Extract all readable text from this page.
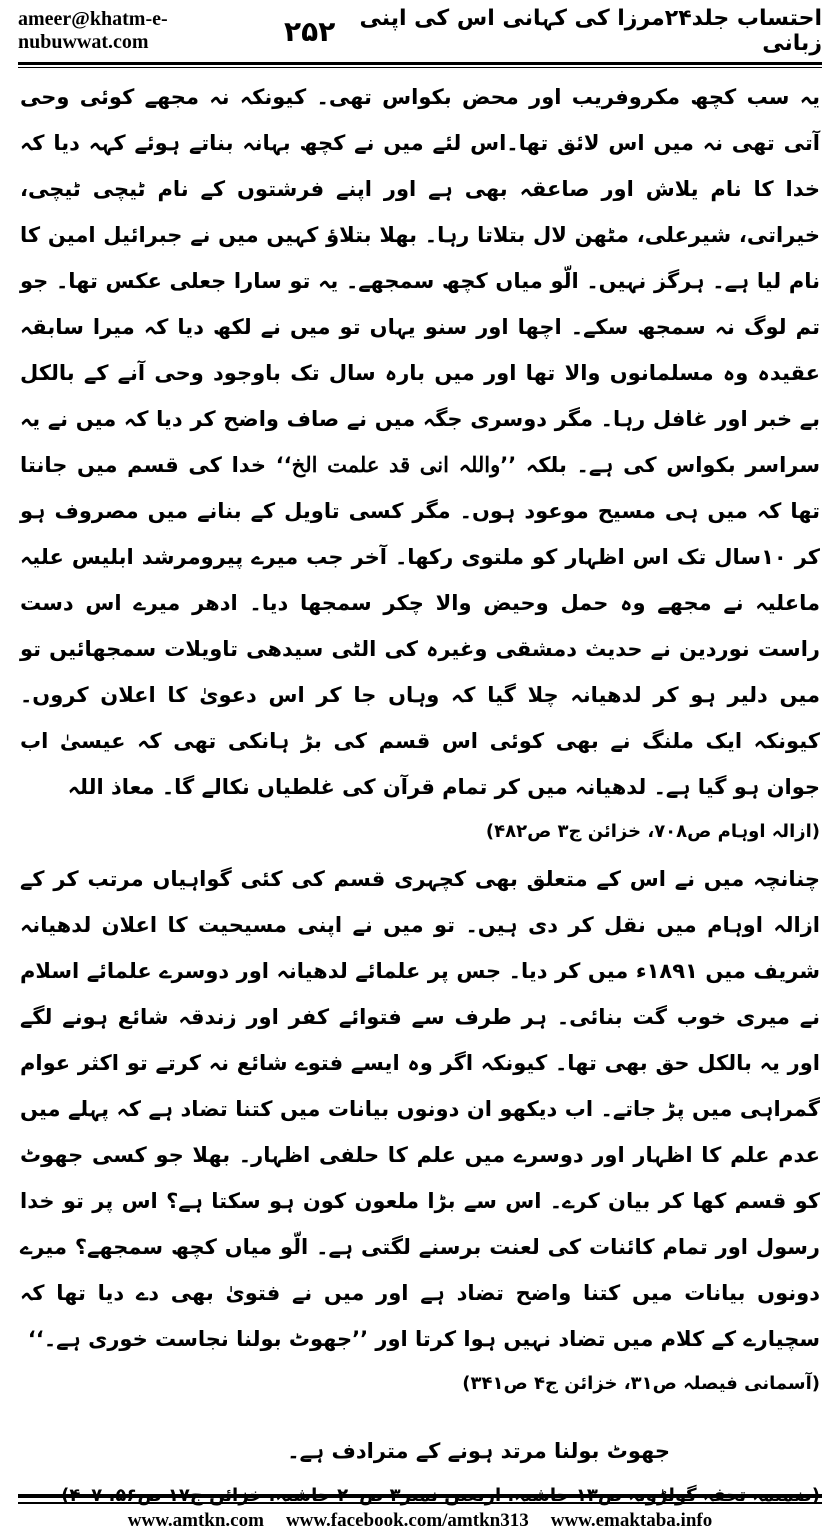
ameer@khatm-e-nubuwwat.com	۲۵۲	احتساب جلد۲۴مرزا کی کہانی اس کی اپنی زبانی

یہ سب کچھ مکروفریب اور محض بکواس تھی۔ کیونکہ نہ مجھے کوئی وحی آتی تھی نہ میں اس لائق تھا۔اس لئے میں نے کچھ بہانہ بناتے ہوئے کہہ دیا کہ خدا کا نام یلاش اور صاعقہ بھی ہے اور اپنے فرشتوں کے نام ٹیچی ٹیچی، خیراتی، شیرعلی، مٹھن لال بتلاتا رہا۔ بھلا بتلاؤ کہیں میں نے جبرائیل امین کا نام لیا ہے۔ ہرگز نہیں۔ الّو میاں کچھ سمجھے۔ یہ تو سارا جعلی عکس تھا۔ جو تم لوگ نہ سمجھ سکے۔ اچھا اور سنو یہاں تو میں نے لکھ دیا کہ میرا سابقہ عقیدہ وہ مسلمانوں والا تھا اور میں بارہ سال تک باوجود وحی آنے کے بالکل بے خبر اور غافل رہا۔ مگر دوسری جگہ میں نے صاف واضح کر دیا کہ میں نے یہ سراسر بکواس کی ہے۔ بلکہ ’’واللہ انی قد علمت الخ‘‘ خدا کی قسم میں جانتا تھا کہ میں ہی مسیح موعود ہوں۔ مگر کسی تاویل کے بنانے میں مصروف ہو کر ۱۰سال تک اس اظہار کو ملتوی رکھا۔ آخر جب میرے پیرومرشد ابلیس علیہ ماعلیہ نے مجھے وہ حمل وحیض والا چکر سمجھا دیا۔ ادھر میرے اس دست راست نوردین نے حدیث دمشقی وغیرہ کی الٹی سیدھی تاویلات سمجھائیں تو میں دلیر ہو کر لدھیانہ چلا گیا کہ وہاں جا کر اس دعویٰ کا اعلان کروں۔ کیونکہ ایک ملنگ نے بھی کوئی اس قسم کی بڑ ہانکی تھی کہ عیسیٰ اب جوان ہو گیا ہے۔ لدھیانہ میں کر تمام قرآن کی غلطیاں نکالے گا۔ معاذ اللہ

(ازالہ اوہام ص۷۰۸، خزائن ج۳ ص۴۸۲)

چنانچہ میں نے اس کے متعلق بھی کچہری قسم کی کئی گواہیاں مرتب کر کے ازالہ اوہام میں نقل کر دی ہیں۔ تو میں نے اپنی مسیحیت کا اعلان لدھیانہ شریف میں ۱۸۹۱ء میں کر دیا۔ جس پر علمائے لدھیانہ اور دوسرے علمائے اسلام نے میری خوب گت بنائی۔ ہر طرف سے فتوائے کفر اور زندقہ شائع ہونے لگے اور یہ بالکل حق بھی تھا۔ کیونکہ اگر وہ ایسے فتوے شائع نہ کرتے تو اکثر عوام گمراہی میں پڑ جاتے۔ اب دیکھو ان دونوں بیانات میں کتنا تضاد ہے کہ پہلے میں عدم علم کا اظہار اور دوسرے میں علم کا حلفی اظہار۔ بھلا جو کسی جھوٹ کو قسم کھا کر بیان کرے۔ اس سے بڑا ملعون کون ہو سکتا ہے؟ اس پر تو خدا رسول اور تمام کائنات کی لعنت برسنے لگتی ہے۔ الّو میاں کچھ سمجھے؟ میرے دونوں بیانات میں کتنا واضح تضاد ہے اور میں نے فتویٰ بھی دے دیا تھا کہ سچیارے کے کلام میں تضاد نہیں ہوا کرتا اور ’’جھوٹ بولنا نجاست خوری ہے۔‘‘

(آسمانی فیصلہ ص۳۱، خزائن ج۴ ص۳۴۱)

جھوٹ بولنا مرتد ہونے کے مترادف ہے۔

(ضمیمہ تحفہ گولڑویہ ص۱۳ حاشیہ، اربعین نمبر۳ ص۲۰ حاشیہ، خزائن ج۱۷ ص۵۶، ۴۰۷)

www.amtkn.com www.facebook.com/amtkn313 www.emaktaba.info
